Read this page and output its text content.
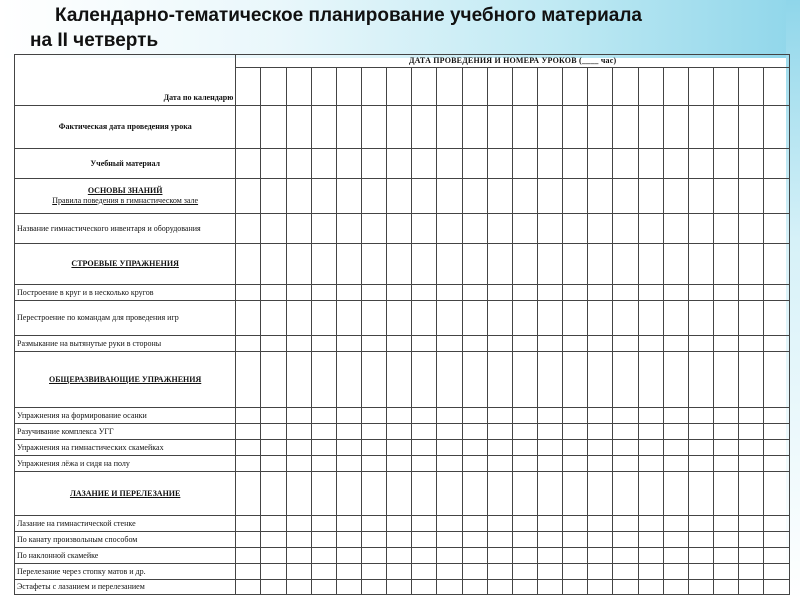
Календарно-тематическое планирование учебного материала
на II четверть
Дата по календарю	ДАТА ПРОВЕДЕНИЯ И НОМЕРА УРОКОВ (____ час)																					

Фактическая дата проведения урока																						
Учебный материал																						
ОСНОВЫ ЗНАНИЙ
Правила поведения в гимнастическом зале																						

Название гимнастического инвентаря и оборудования																						
СТРОЕВЫЕ УПРАЖНЕНИЯ																						
Построение в круг и в несколько кругов																						
Перестроение по командам для проведения игр																						
Размыкание на вытянутые руки в стороны																						
ОБЩЕРАЗВИВАЮЩИЕ УПРАЖНЕНИЯ																						
Упражнения на формирование осанки																						
Разучивание комплекса УГГ																						
Упражнения на гимнастических скамейках																						
Упражнения лёжа и сидя на полу																						
ЛАЗАНИЕ И ПЕРЕЛЕЗАНИЕ																						
Лазание на гимнастической стенке																						
По канату произвольным способом																						
По наклонной скамейке																						
Перелезание через стопку матов и др.																						
Эстафеты с лазанием и перелезанием																						
